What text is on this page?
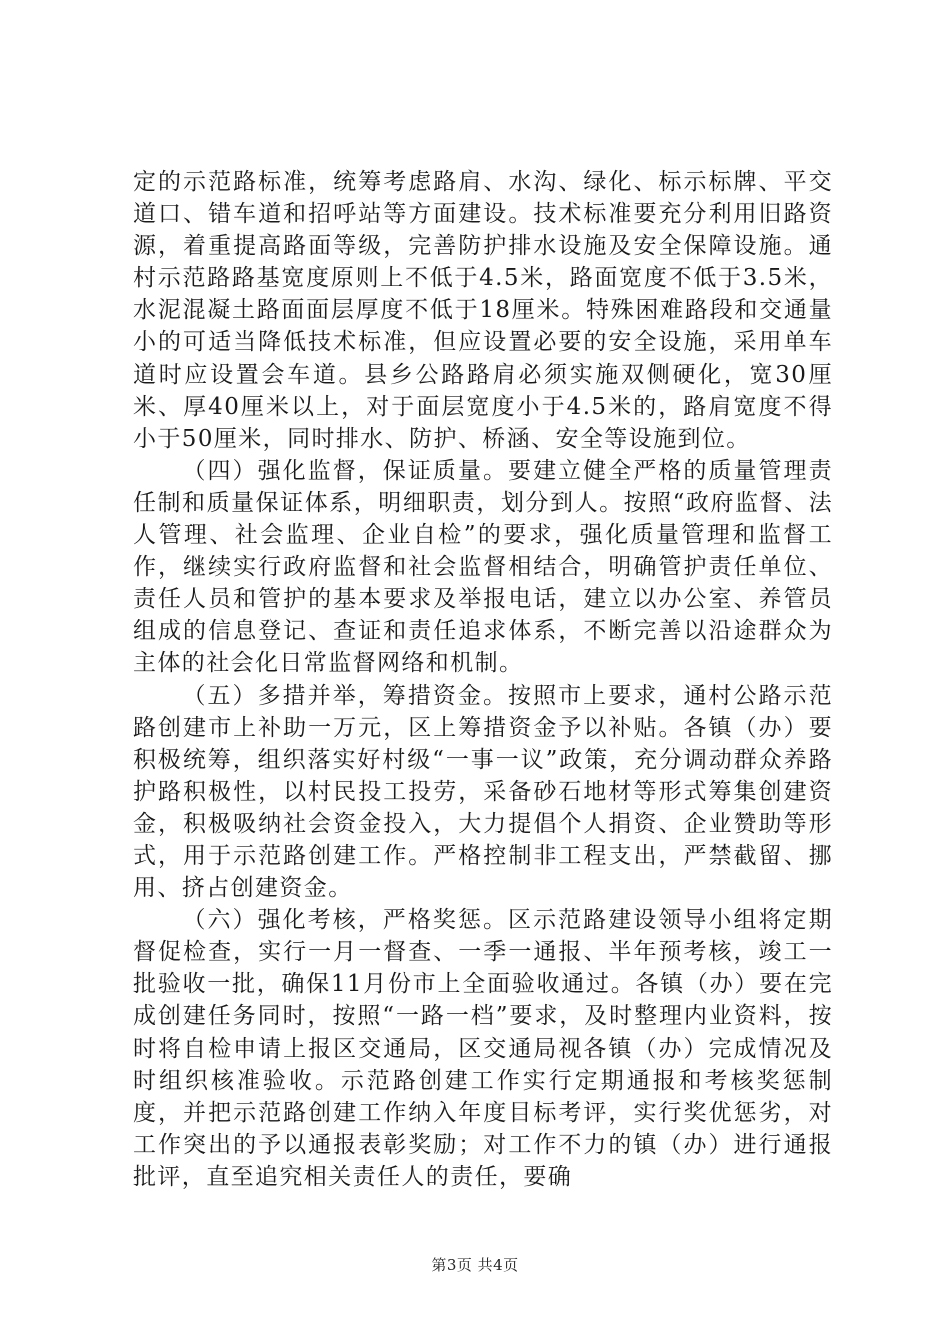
定的示范路标准，统筹考虑路肩、水沟、绿化、标示标牌、平交道口、错车道和招呼站等方面建设。技术标准要充分利用旧路资源，着重提高路面等级，完善防护排水设施及安全保障设施。通村示范路路基宽度原则上不低于4.5米，路面宽度不低于3.5米，水泥混凝土路面面层厚度不低于18厘米。特殊困难路段和交通量小的可适当降低技术标准，但应设置必要的安全设施，采用单车道时应设置会车道。县乡公路路肩必须实施双侧硬化，宽30厘米、厚40厘米以上，对于面层宽度小于4.5米的，路肩宽度不得小于50厘米，同时排水、防护、桥涵、安全等设施到位。

（四）强化监督，保证质量。要建立健全严格的质量管理责任制和质量保证体系，明细职责，划分到人。按照“政府监督、法人管理、社会监理、企业自检”的要求，强化质量管理和监督工作，继续实行政府监督和社会监督相结合，明确管护责任单位、责任人员和管护的基本要求及举报电话，建立以办公室、养管员组成的信息登记、查证和责任追求体系，不断完善以沿途群众为主体的社会化日常监督网络和机制。

（五）多措并举，筹措资金。按照市上要求，通村公路示范路创建市上补助一万元，区上筹措资金予以补贴。各镇（办）要积极统筹，组织落实好村级“一事一议”政策，充分调动群众养路护路积极性，以村民投工投劳，采备砂石地材等形式筹集创建资金，积极吸纳社会资金投入，大力提倡个人捐资、企业赞助等形式，用于示范路创建工作。严格控制非工程支出，严禁截留、挪用、挤占创建资金。

（六）强化考核，严格奖惩。区示范路建设领导小组将定期督促检查，实行一月一督查、一季一通报、半年预考核，竣工一批验收一批，确保11月份市上全面验收通过。各镇（办）要在完成创建任务同时，按照“一路一档”要求，及时整理内业资料，按时将自检申请上报区交通局，区交通局视各镇（办）完成情况及时组织核准验收。示范路创建工作实行定期通报和考核奖惩制度，并把示范路创建工作纳入年度目标考评，实行奖优惩劣，对工作突出的予以通报表彰奖励；对工作不力的镇（办）进行通报批评，直至追究相关责任人的责任，要确

第3页 共4页
